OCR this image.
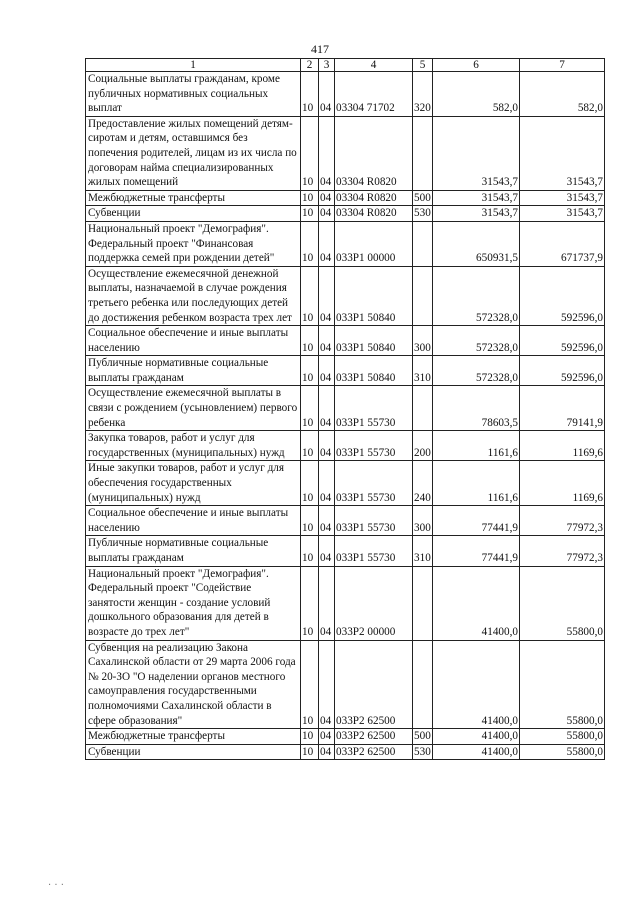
417
1	2	3	4	5	6	7
Социальные выплаты гражданам, кроме публичных нормативных социальных выплат	10	04	03304 71702	320	582,0	582,0
Предоставление жилых помещений детям-сиротам и детям, оставшимся без попечения родителей, лицам из их числа по договорам найма специализированных жилых помещений	10	04	03304 R0820		31543,7	31543,7
Межбюджетные трансферты	10	04	03304 R0820	500	31543,7	31543,7
Субвенции	10	04	03304 R0820	530	31543,7	31543,7
Национальный проект "Демография". Федеральный проект "Финансовая поддержка семей при рождении детей"	10	04	033P1 00000		650931,5	671737,9
Осуществление ежемесячной денежной выплаты, назначаемой в случае рождения третьего ребенка или последующих детей до достижения ребенком возраста трех лет	10	04	033P1 50840		572328,0	592596,0
Социальное обеспечение и иные выплаты населению	10	04	033P1 50840	300	572328,0	592596,0
Публичные нормативные социальные выплаты гражданам	10	04	033P1 50840	310	572328,0	592596,0
Осуществление ежемесячной выплаты в связи с рождением (усыновлением) первого ребенка	10	04	033P1 55730		78603,5	79141,9
Закупка товаров, работ и услуг для государственных (муниципальных) нужд	10	04	033P1 55730	200	1161,6	1169,6
Иные закупки товаров, работ и услуг для обеспечения государственных (муниципальных) нужд	10	04	033P1 55730	240	1161,6	1169,6
Социальное обеспечение и иные выплаты населению	10	04	033P1 55730	300	77441,9	77972,3
Публичные нормативные социальные выплаты гражданам	10	04	033P1 55730	310	77441,9	77972,3
Национальный проект "Демография". Федеральный проект "Содействие занятости женщин - создание условий дошкольного образования для детей в возрасте до трех лет"	10	04	033P2 00000		41400,0	55800,0
Субвенция на реализацию Закона Сахалинской области от 29 марта 2006 года № 20-ЗО "О наделении органов местного самоуправления государственными полномочиями Сахалинской области в сфере образования"	10	04	033P2 62500		41400,0	55800,0
Межбюджетные трансферты	10	04	033P2 62500	500	41400,0	55800,0
Субвенции	10	04	033P2 62500	530	41400,0	55800,0
· · ·
